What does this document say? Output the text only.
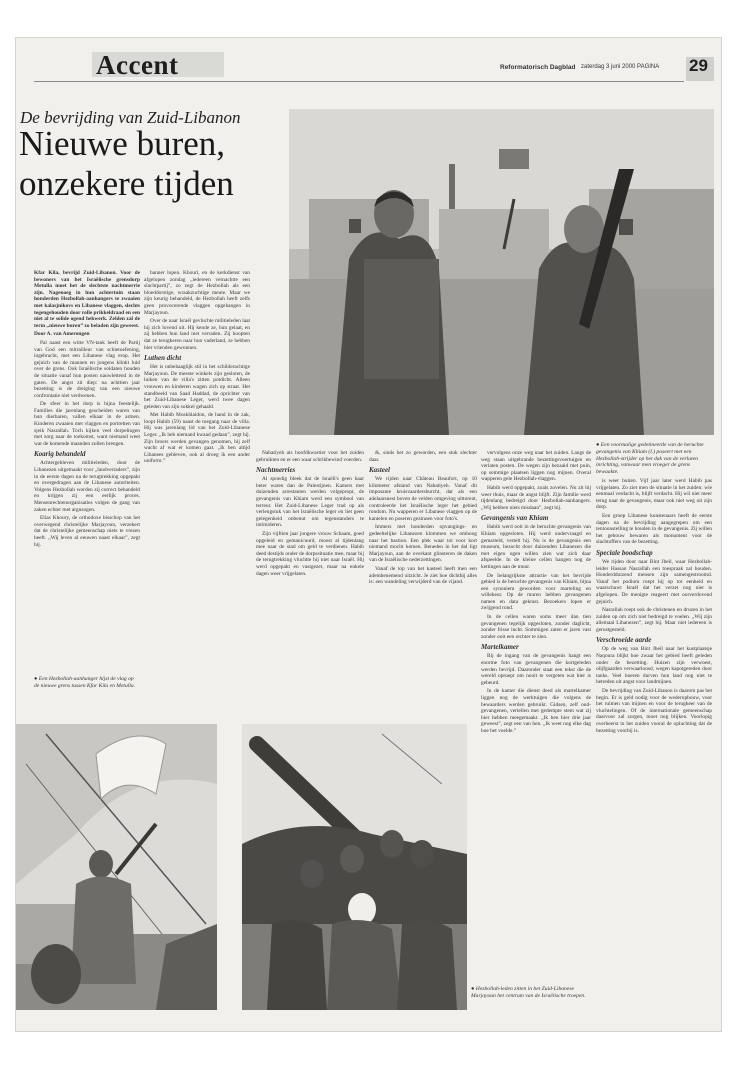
Accent	Reformatorisch Dagblad zaterdag 3 juni 2000 PAGINA 29
De bevrijding van Zuid-Libanon
Nieuwe buren, onzekere tijden

Kfar Kila, bevrijd Zuid-Libanon. Voor de bewoners van het Israëlische grensdorp Metulla moet het de slechtste nachtmerrie zijn. Nagenoeg in hun achtertuin staan honderden Hezbollah-aanhangers te zwaaien met kalasjnikovs en Libanese vlaggen, slechts tegengehouden door rolle prikkeldraad en een niet al te solide ogend hekwerk. Zelden zal de term „nieuwe buren” zo beladen zijn geweest.

Door A. van Amerongen

Pal naast een witte VN-tank heeft de Partij van God een mitrailleur van schietoefening, ingebracht, met een Libanese vlag erop. Het gejuich van de mannen en jongens klinkt luid over de grens. Ook Israëlische soldaten houden de situatie vanaf hun posten nauwlettend in de gaten. De angst zit diep: na achttien jaar bezetting is de dreiging van een nieuwe confrontatie niet verdwenen.

De sfeer in het dorp is bijna feestelijk. Families die jarenlang gescheiden waren van hun dierbaren, vallen elkaar in de armen. Kinderen zwaaien met vlaggen en portretten van sjeik Nasrallah. Toch kijken veel dorpelingen met zorg naar de toekomst, want niemand weet wat de komende maanden zullen brengen.

Koarig behandeld

Achtergebleven militieleden, door de Libanezen uitgemaakt voor „landverraders”, zijn in de eerste dagen na de terugtrekking opgepakt en overgedragen aan de Libanese autoriteiten. Volgens Hezbollah worden zij correct behandeld en krijgen zij een eerlijk proces. Mensenrechtenorganisaties volgen de gang van zaken echter met argusogen.

Elias Khoury, de orthodoxe bisschop van het overwegend christelijke Marjayoun, verzekert dat de christelijke gemeenschap niets te vrezen heeft. „Wij leven al eeuwen naast elkaar”, zegt hij.

● Een Hezbollah-aanhanger hijst de vlag op de nieuwe grens tussen Kfar Kila en Metulla.

banner lopen. Khouri, en de kerkdienst van afgelopen zondag „iedereen vernachtte een slachtpartij”, zo zegt de Hezbollah als een bloeddorstige, wraakzuchtige meute. Maar we zijn keurig behandeld, de Hezbollah heeft zelfs geen provocerende vlaggen opgehangen in Marjayoun.

Over de naar Israël gevluchte militieleden laat hij zich lovend uit. Hij kende ze, hun gelaat, en zij hebben hun land niet verraden. Zij hoopten dat ze terugkeren naar hun vaderland, ze hebben hier vrienden gewonnen.

Luthen dicht

Het is onbehaaglijk stil in het schilderachtige Marjayoun. De meeste winkels zijn gesloten, de luiken van de villa's zitten potdicht. Alleen vrouwen en kinderen wagen zich op straat. Het standbeeld van Saad Haddad, de oprichter van het Zuid-Libanese Leger, werd twee dagen geleden van zijn sokkel gehaald.

Met Habib Moskhlaidon, de hand in de zak, loopt Habib (59) naast de toegang naar de villa. Hij was jarenlang lid van het Zuid-Libanese Leger. „Ik heb niemand kwaad gedaan”, zegt hij. Zijn broers werden gevangen genomen, hij zelf wacht af wat er komen gaat. „Ik ben altijd Libanees gebleven, ook al droeg ik een ander uniform.”

Nabatiyeh als hoofdkwartier voor het zuiden gebruikten en er een waar schrikbewind voerden.

Nachtmerries

Al spoedig bleek dat de Israëli's geen haar beter waren dan de Palestijnen. Kamers met duizenden arrestanten werden volgepropt, de gevangenis van Khiam werd een symbool van terreur. Het Zuid-Libanese Leger trad op als verlengstuk van het Israëlische leger en liet geen gelegenheid onbenut om tegenstanders te intimideren.

Zijn vijftien jaar jongere vrouw Schaam, goed opgeleid en gemanicuurd, moest al tijdenlang mee naar de stad om geld te verdienen. Habib deed destijds onder de dorpssituatie mee, maar bij de terugtrekking vluchtte hij niet naar Israël. Hij werd opgepakt en vastgezet, maar na enkele dagen weer vrijgelaten.

&, sinds het zo geworden, een stuk slechter daar.

Kasteel

We rijden naar Château Beaufort, op 10 kilometer afstand van Nabatiyeh. Vanaf dit imposante kruisvaardersburcht, dat als een adelaarsnest boven de velden omgeving uittorent, controleerde het Israëlische leger het gebied rondom. Nu wapperen er Libanese vlaggen op de kantelen en poseren gezinnen voor foto's.

Immers met honderden opvangings- en gedeeltelijke Libanezen klommen we omhoog naar het bastion. Een plek waar tot voor kort niemand mocht komen. Beneden in het dal ligt Marjayoun, aan de overkant glinsteren de daken van de Israëlische nederzettingen.

Vanaf de top van het kasteel heeft men een adembenemend uitzicht. Je ziet hoe dichtbij alles is: een wandeling verwijderd van de vijand.

vervolgens onze weg naar het zuiden. Langs de weg staan uitgebrande bezettingsvoertuigen en verlaten posten. De wegen zijn bezaaid met puin, op sommige plaatsen liggen nog mijnen. Overal wapperen gele Hezbollah-vlaggen.

Habib werd opgepakt, zoals zovelen. Nu zit hij weer thuis, maar de angst blijft. Zijn familie werd tijdenlang bedreigd door Hezbollah-aanhangers. „Wij hebben niets misdaan”, zegt hij.

Gevangenis van Khiam

Habib werd ooit in de beruchte gevangenis van Khiam opgesloten. Hij werd ondervraagd en gemarteld, vertelt hij. Nu is de gevangenis een museum, bezocht door duizenden Libanezen die met eigen ogen willen zien wat zich daar afspeelde. In de kleine cellen hangen nog de kettingen aan de muur.

De belangrijkste attractie van het bevrijde gebied is de beruchte gevangenis van Khiam, bijna een synoniem geworden voor marteling en willekeur. Op de muren hebben gevangenen namen en data gekrast. Bezoekers lopen er zwijgend rond.

In de cellen waren soms meer dan tien gevangenen tegelijk opgesloten, zonder daglicht, zonder frisse lucht. Sommigen zaten er jaren vast zonder ooit een rechter te zien.

Martelkamer

Bij de ingang van de gevangenis hangt een enorme foto van gevangenen die kortgeleden werden bevrijd. Daaronder staat een tekst die de wereld oproept om nooit te vergeten wat hier is gebeurd.

In de kamer die dienst deed als martelkamer liggen nog de werktuigen die volgens de bewaarders werden gebruikt. Gidsen, zelf oud-gevangenen, vertellen met gedempte stem wat zij hier hebben meegemaakt. „Ik ben hier drie jaar geweest”, zegt een van hen. „Ik weet nog elke dag hoe het voelde.”

● Een voormalige gedetineerde van de beruchte gevangenis van Khiam (l.) poseert met een Hezbollah-strijder op het dak van de verlaten inrichting, vanwaar men vroeger de grens bewaakte.

is weer buiten. Vijf jaar later werd Habib pas vrijgelaten. Zo ziet men de situatie in het zuiden: wie eenmaal verdacht is, blijft verdacht. Hij wil niet meer terug naar de gevangenis, maar ook niet weg uit zijn dorp.

Een groep Libanese kunstenaars heeft de eerste dagen na de bevrijding aangegrepen om een tentoonstelling te houden in de gevangenis. Zij willen het gebouw bewaren als monument voor de slachtoffers van de bezetting.

Speciale boodschap

We rijden door naar Bint Jbeil, waar Hezbollah-leider Hassan Nasrallah een toespraak zal houden. Honderdduizend mensen zijn samengestroomd. Vanaf het podium roept hij op tot eenheid en waarschuwt Israël dat het verzet nog niet is afgelopen. De menigte reageert met oorverdovend gejuich.

Nasrallah roept ook de christenen en druzen in het zuiden op om zich niet bedreigd te voelen. „Wij zijn allemaal Libanezen”, zegt hij. Maar niet iedereen is gerustgesteld.

Verschroeide aarde

Op de weg van Bint Jbeil naar het kustplaatsje Naqoura blijkt hoe zwaar het gebied heeft geleden onder de bezetting. Huizen zijn verwoest, olijfgaarden verwaarloosd, wegen kapotgereden door tanks. Veel boeren durven hun land nog niet te betreden uit angst voor landmijnen.

De bevrijding van Zuid-Libanon is daarom pas het begin. Er is geld nodig voor de wederopbouw, voor het ruimen van mijnen en voor de terugkeer van de vluchtelingen. Of de internationale gemeenschap daarvoor zal zorgen, moet nog blijken. Voorlopig overheerst in het zuiden vooral de opluchting dat de bezetting voorbij is.

● Hezbollah-leden zitten in het Zuid-Libanese Marjayoun het centrum van de Israëlische troepen.
